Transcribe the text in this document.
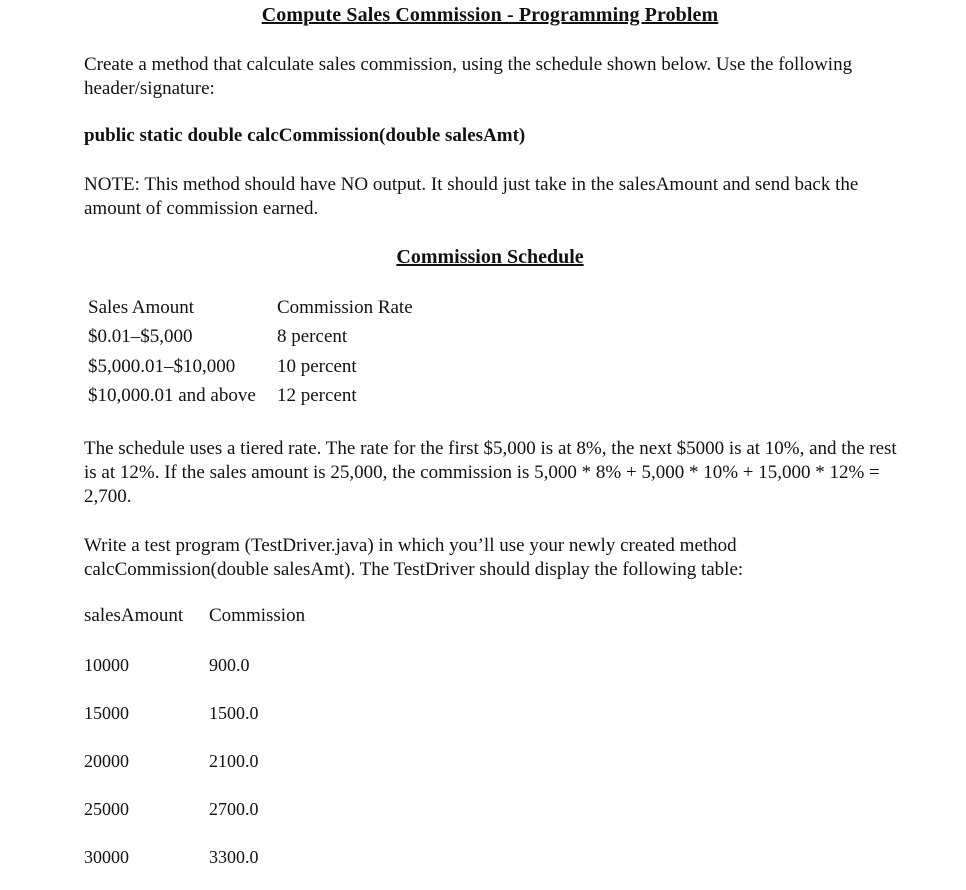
Compute Sales Commission - Programming Problem
Create a method that calculate sales commission, using the schedule shown below. Use the following header/signature:
public static double calcCommission(double salesAmt)
NOTE: This method should have NO output. It should just take in the salesAmount and send back the amount of commission earned.
Commission Schedule
Sales Amount	Commission Rate
$0.01–$5,000	8 percent
$5,000.01–$10,000 10 percent
$10,000.01 and above 12 percent
The schedule uses a tiered rate. The rate for the first $5,000 is at 8%, the next $5000 is at 10%, and the rest is at 12%. If the sales amount is 25,000, the commission is 5,000 * 8% + 5,000 * 10% + 15,000 * 12% = 2,700.
Write a test program (TestDriver.java) in which you’ll use your newly created method calcCommission(double salesAmt). The TestDriver should display the following table:
salesAmount Commission
10000	900.0
15000	1500.0
20000	2100.0
25000	2700.0
30000	3300.0
